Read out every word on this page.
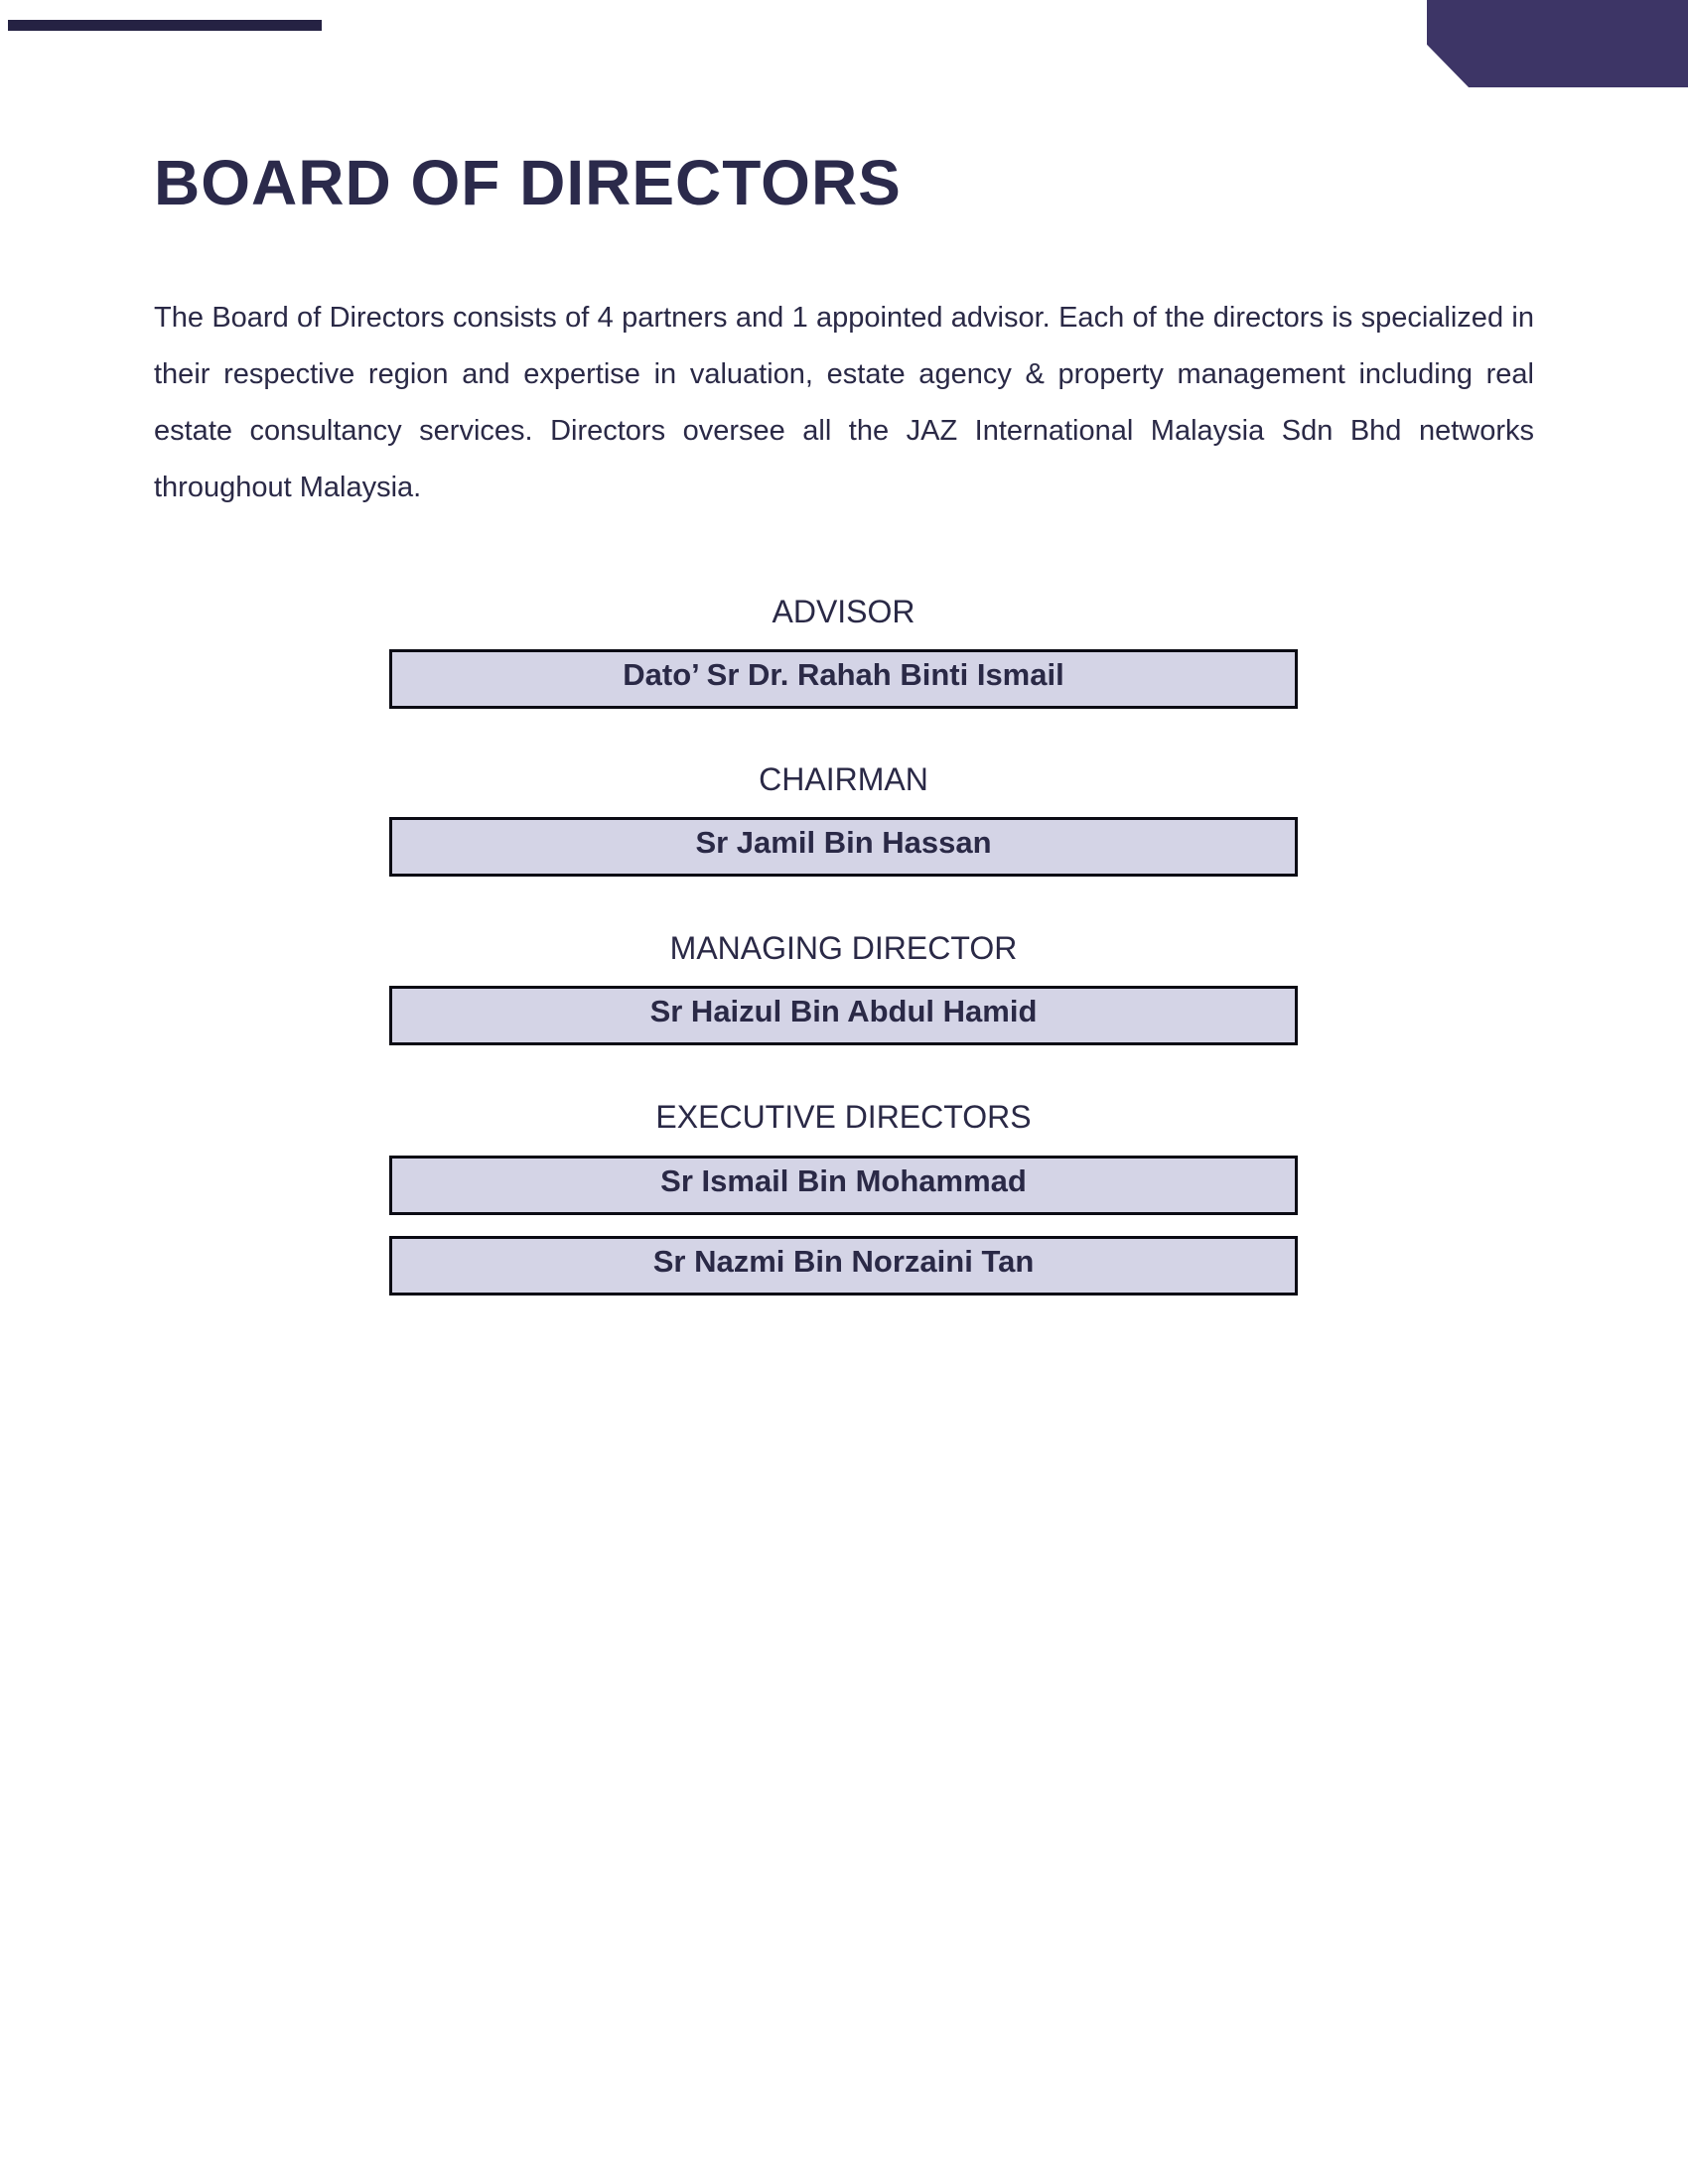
BOARD OF DIRECTORS

The Board of Directors consists of 4 partners and 1 appointed advisor. Each of the directors is specialized in their respective region and expertise in valuation, estate agency & property management including real estate consultancy services. Directors oversee all the JAZ International Malaysia Sdn Bhd networks throughout Malaysia.

ADVISOR
Dato’ Sr Dr. Rahah Binti Ismail
CHAIRMAN
Sr Jamil Bin Hassan
MANAGING DIRECTOR
Sr Haizul Bin Abdul Hamid
EXECUTIVE DIRECTORS
Sr Ismail Bin Mohammad
Sr Nazmi Bin Norzaini Tan
